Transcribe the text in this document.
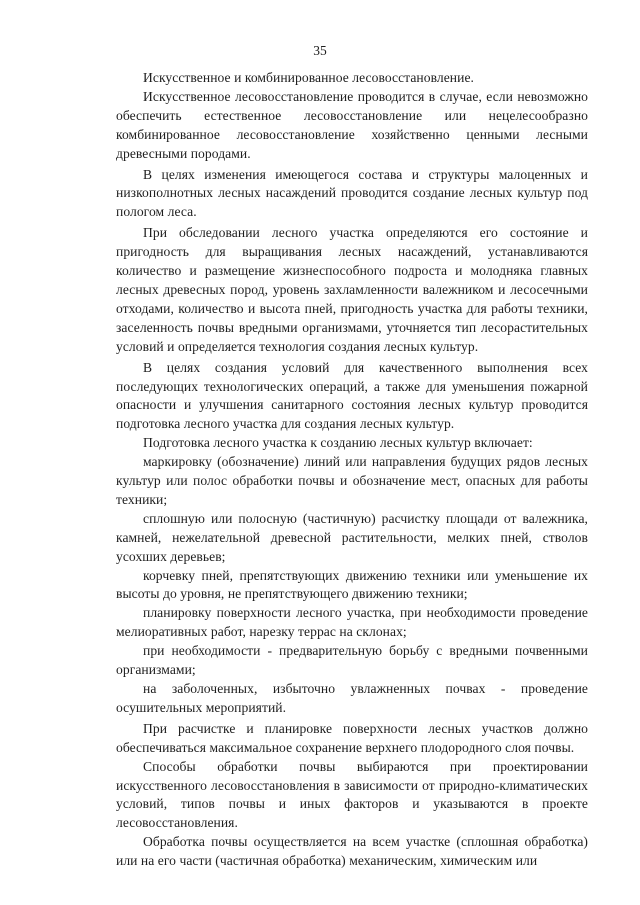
35

Искусственное и комбинированное лесовосстановление.

Искусственное лесовосстановление проводится в случае, если невозможно обеспечить естественное лесовосстановление или нецелесообразно комбинированное лесовосстановление хозяйственно ценными лесными древесными породами.

В целях изменения имеющегося состава и структуры малоценных и низкополнотных лесных насаждений проводится создание лесных культур под пологом леса.

При обследовании лесного участка определяются его состояние и пригодность для выращивания лесных насаждений, устанавливаются количество и размещение жизнеспособного подроста и молодняка главных лесных древесных пород, уровень захламленности валежником и лесосечными отходами, количество и высота пней, пригодность участка для работы техники, заселенность почвы вредными организмами, уточняется тип лесорастительных условий и определяется технология создания лесных культур.

В целях создания условий для качественного выполнения всех последующих технологических операций, а также для уменьшения пожарной опасности и улучшения санитарного состояния лесных культур проводится подготовка лесного участка для создания лесных культур.

Подготовка лесного участка к созданию лесных культур включает:

маркировку (обозначение) линий или направления будущих рядов лесных культур или полос обработки почвы и обозначение мест, опасных для работы техники;

сплошную или полосную (частичную) расчистку площади от валежника, камней, нежелательной древесной растительности, мелких пней, стволов усохших деревьев;

корчевку пней, препятствующих движению техники или уменьшение их высоты до уровня, не препятствующего движению техники;

планировку поверхности лесного участка, при необходимости проведение мелиоративных работ, нарезку террас на склонах;

при необходимости - предварительную борьбу с вредными почвенными организмами;

на заболоченных, избыточно увлажненных почвах - проведение осушительных мероприятий.

При расчистке и планировке поверхности лесных участков должно обеспечиваться максимальное сохранение верхнего плодородного слоя почвы.

Способы обработки почвы выбираются при проектировании искусственного лесовосстановления в зависимости от природно-климатических условий, типов почвы и иных факторов и указываются в проекте лесовосстановления.

Обработка почвы осуществляется на всем участке (сплошная обработка) или на его части (частичная обработка) механическим, химическим или
